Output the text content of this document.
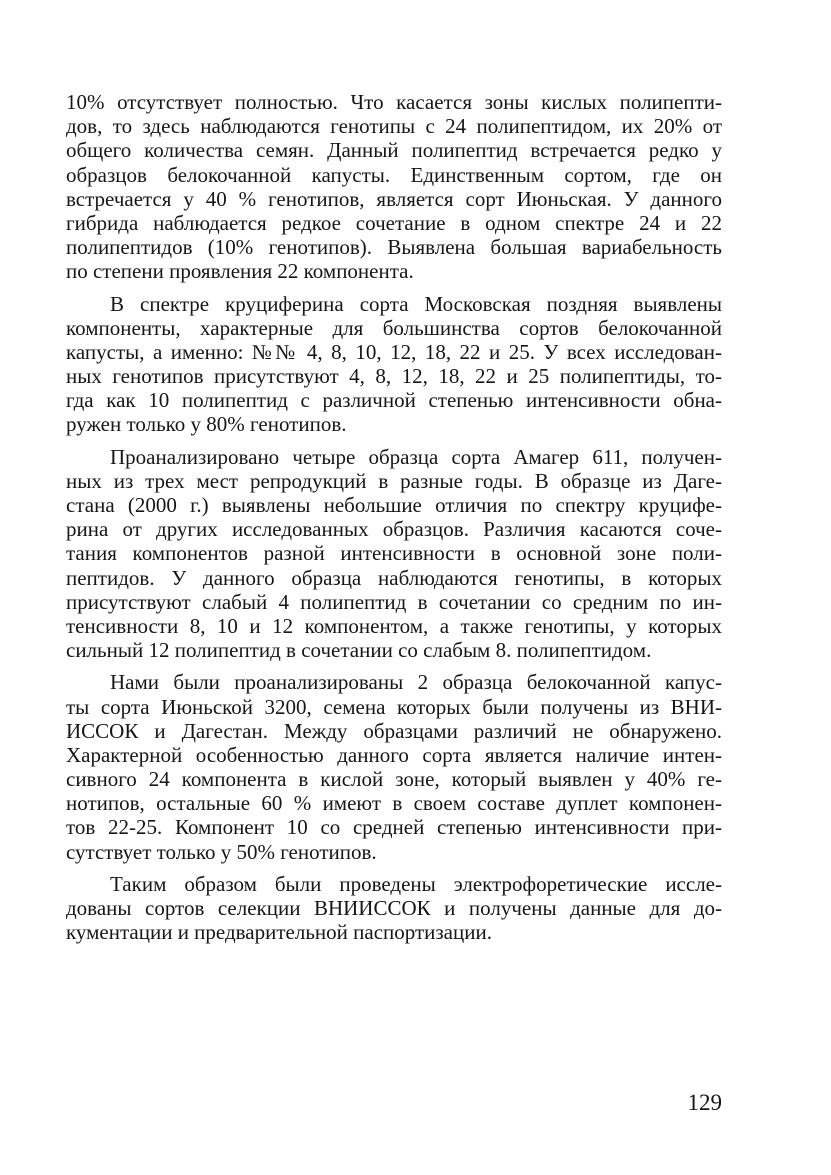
10% отсутствует полностью. Что касается зоны кислых полипепти-
дов, то здесь наблюдаются генотипы с 24 полипептидом, их 20% от
общего количества семян. Данный полипептид встречается редко у
образцов белокочанной капусты. Единственным сортом, где он
встречается у 40 % генотипов, является сорт Июньская. У данного
гибрида наблюдается редкое сочетание в одном спектре 24 и 22
полипептидов (10% генотипов). Выявлена большая вариабельность
по степени проявления 22 компонента.
В спектре круциферина сорта Московская поздняя выявлены
компоненты, характерные для большинства сортов белокочанной
капусты, а именно: №№ 4, 8, 10, 12, 18, 22 и 25. У всех исследован-
ных генотипов присутствуют 4, 8, 12, 18, 22 и 25 полипептиды, то-
гда как 10 полипептид с различной степенью интенсивности обна-
ружен только у 80% генотипов.
Проанализировано четыре образца сорта Амагер 611, получен-
ных из трех мест репродукций в разные годы. В образце из Даге-
стана (2000 г.) выявлены небольшие отличия по спектру круцифе-
рина от других исследованных образцов. Различия касаются соче-
тания компонентов разной интенсивности в основной зоне поли-
пептидов. У данного образца наблюдаются генотипы, в которых
присутствуют слабый 4 полипептид в сочетании со средним по ин-
тенсивности 8, 10 и 12 компонентом, а также генотипы, у которых
сильный 12 полипептид в сочетании со слабым 8. полипептидом.
Нами были проанализированы 2 образца белокочанной капус-
ты сорта Июньской 3200, семена которых были получены из ВНИ-
ИССОК и Дагестан. Между образцами различий не обнаружено.
Характерной особенностью данного сорта является наличие интен-
сивного 24 компонента в кислой зоне, который выявлен у 40% ге-
нотипов, остальные 60 % имеют в своем составе дуплет компонен-
тов 22-25. Компонент 10 со средней степенью интенсивности при-
сутствует только у 50% генотипов.
Таким образом были проведены электрофоретические иссле-
дованы сортов селекции ВНИИССОК и получены данные для до-
кументации и предварительной паспортизации.
129
